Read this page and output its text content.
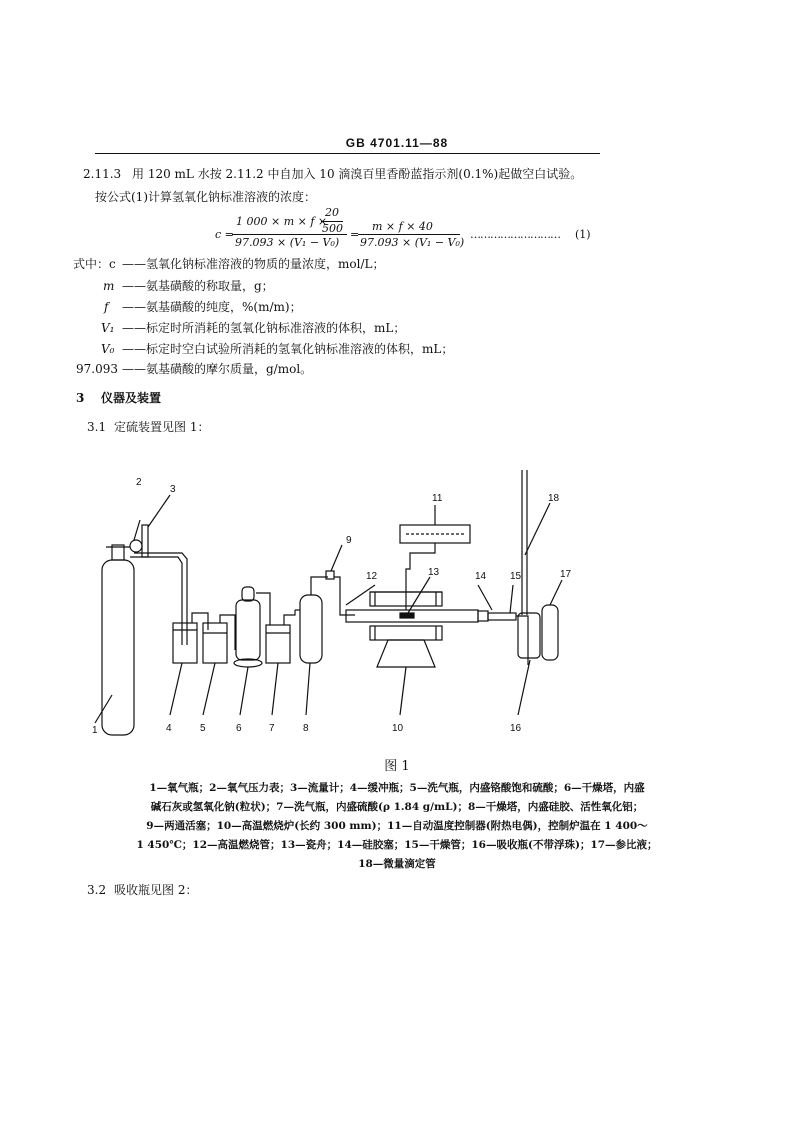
GB 4701.11—88
2.11.3 用 120 mL 水按 2.11.2 中自加入 10 滴溴百里香酚蓝指示剂(0.1%)起做空白试验。
按公式(1)计算氢氧化钠标准溶液的浓度：
c =
1 000 × m × f ×
20
500
97.093 × (V₁ − V₀)
=
m × f × 40
97.093 × (V₁ − V₀)
……………………… (1)
式中：c ——氢氧化钠标准溶液的物质的量浓度，mol/L；
m ——氨基磺酸的称取量，g；
f ——氨基磺酸的纯度，%(m/m)；
V₁ ——标定时所消耗的氢氧化钠标准溶液的体积，mL；
V₀ ——标定时空白试验所消耗的氢氧化钠标准溶液的体积，mL；
97.093 ——氨基磺酸的摩尔质量，g/mol。
3 仪器及装置
3.1 定硫装置见图 1：
1
2
3
4	5	6	7	8
9
10
11
12	13	14 15
16
17
18
图 1
1—氧气瓶；2—氧气压力表；3—流量计；4—缓冲瓶；5—洗气瓶，内盛铬酸饱和硫酸；6—干燥塔，内盛
碱石灰或氢氧化钠(粒状)；7—洗气瓶，内盛硫酸(ρ 1.84 g/mL)；8—干燥塔，内盛硅胶、活性氧化铝；
9—两通活塞；10—高温燃烧炉(长约 300 mm)；11—自动温度控制器(附热电偶)，控制炉温在 1 400～
1 450℃；12—高温燃烧管；13—瓷舟；14—硅胶塞；15—干燥管；16—吸收瓶(不带浮珠)；17—参比液；
18—微量滴定管
3.2 吸收瓶见图 2：
